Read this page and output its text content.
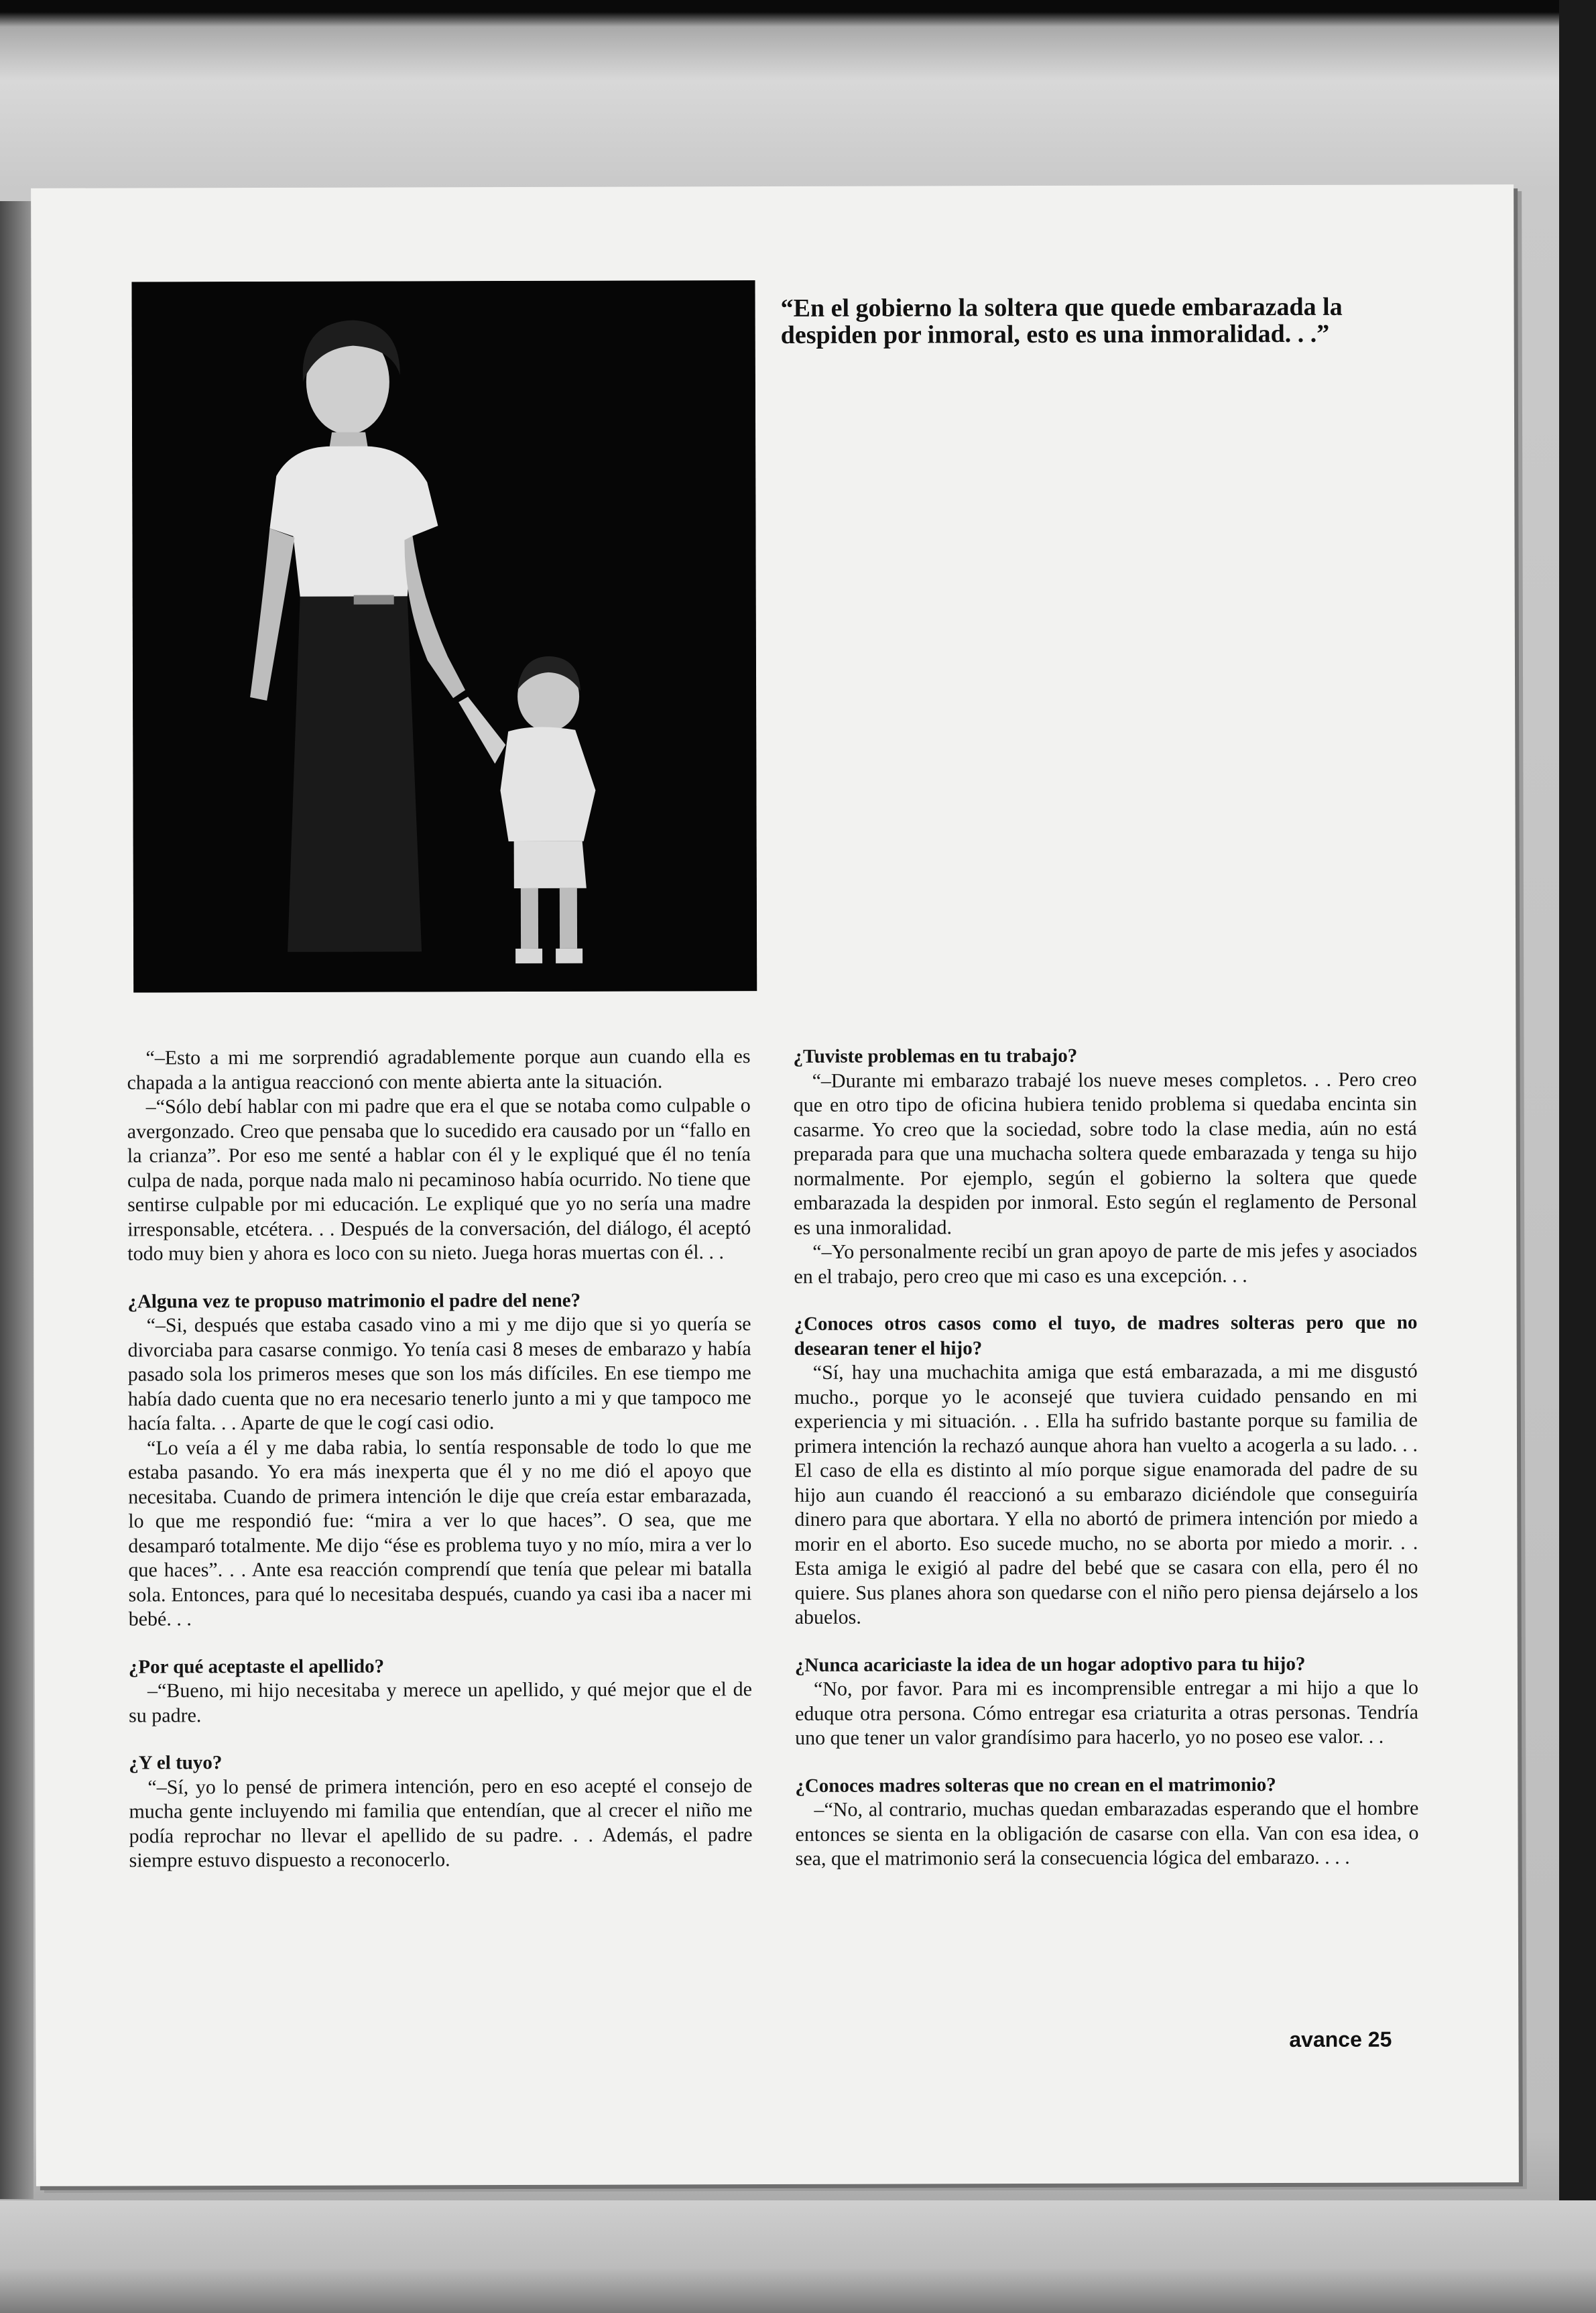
“En el gobierno la soltera que quede embarazada la despiden por inmoral, esto es una inmoralidad. . .”

“–Esto a mi me sorprendió agradablemente porque aun cuando ella es chapada a la antigua reaccionó con mente abierta ante la situación.

–“Sólo debí hablar con mi padre que era el que se notaba como culpable o avergonzado. Creo que pensaba que lo sucedido era causado por un “fallo en la crianza”. Por eso me senté a hablar con él y le expliqué que él no tenía culpa de nada, porque nada malo ni pecaminoso había ocurrido. No tiene que sentirse culpable por mi educación. Le expliqué que yo no sería una madre irresponsable, etcétera. . . Después de la conversación, del diálogo, él aceptó todo muy bien y ahora es loco con su nieto. Juega horas muertas con él. . .

¿Alguna vez te propuso matrimonio el padre del nene?

“–Si, después que estaba casado vino a mi y me dijo que si yo quería se divorciaba para casarse conmigo. Yo tenía casi 8 meses de embarazo y había pasado sola los primeros meses que son los más difíciles. En ese tiempo me había dado cuenta que no era necesario tenerlo junto a mi y que tampoco me hacía falta. . . Aparte de que le cogí casi odio.

“Lo veía a él y me daba rabia, lo sentía responsable de todo lo que me estaba pasando. Yo era más inexperta que él y no me dió el apoyo que necesitaba. Cuando de primera intención le dije que creía estar embarazada, lo que me respondió fue: “mira a ver lo que haces”. O sea, que me desamparó totalmente. Me dijo “ése es problema tuyo y no mío, mira a ver lo que haces”. . . Ante esa reacción comprendí que tenía que pelear mi batalla sola. Entonces, para qué lo necesitaba después, cuando ya casi iba a nacer mi bebé. . .

¿Por qué aceptaste el apellido?

–“Bueno, mi hijo necesitaba y merece un apellido, y qué mejor que el de su padre.

¿Y el tuyo?

“–Sí, yo lo pensé de primera intención, pero en eso acepté el consejo de mucha gente incluyendo mi familia que entendían, que al crecer el niño me podía reprochar no llevar el apellido de su padre. . . Además, el padre siempre estuvo dispuesto a reconocerlo.

¿Tuviste problemas en tu trabajo?

“–Durante mi embarazo trabajé los nueve meses completos. . . Pero creo que en otro tipo de oficina hubiera tenido problema si quedaba encinta sin casarme. Yo creo que la sociedad, sobre todo la clase media, aún no está preparada para que una muchacha soltera quede embarazada y tenga su hijo normalmente. Por ejemplo, según el gobierno la soltera que quede embarazada la despiden por inmoral. Esto según el reglamento de Personal es una inmoralidad.

“–Yo personalmente recibí un gran apoyo de parte de mis jefes y asociados en el trabajo, pero creo que mi caso es una excepción. . .

¿Conoces otros casos como el tuyo, de madres solteras pero que no desearan tener el hijo?

“Sí, hay una muchachita amiga que está embarazada, a mi me disgustó mucho., porque yo le aconsejé que tuviera cuidado pensando en mi experiencia y mi situación. . . Ella ha sufrido bastante porque su familia de primera intención la rechazó aunque ahora han vuelto a acogerla a su lado. . . El caso de ella es distinto al mío porque sigue enamorada del padre de su hijo aun cuando él reaccionó a su embarazo diciéndole que conseguiría dinero para que abortara. Y ella no abortó de primera intención por miedo a morir en el aborto. Eso sucede mucho, no se aborta por miedo a morir. . . Esta amiga le exigió al padre del bebé que se casara con ella, pero él no quiere. Sus planes ahora son quedarse con el niño pero piensa dejárselo a los abuelos.

¿Nunca acariciaste la idea de un hogar adoptivo para tu hijo?

“No, por favor. Para mi es incomprensible entregar a mi hijo a que lo eduque otra persona. Cómo entregar esa criaturita a otras personas. Tendría uno que tener un valor grandísimo para hacerlo, yo no poseo ese valor. . .

¿Conoces madres solteras que no crean en el matrimonio?

–“No, al contrario, muchas quedan embarazadas esperando que el hombre entonces se sienta en la obligación de casarse con ella. Van con esa idea, o sea, que el matrimonio será la consecuencia lógica del embarazo. . . .

avance 25
